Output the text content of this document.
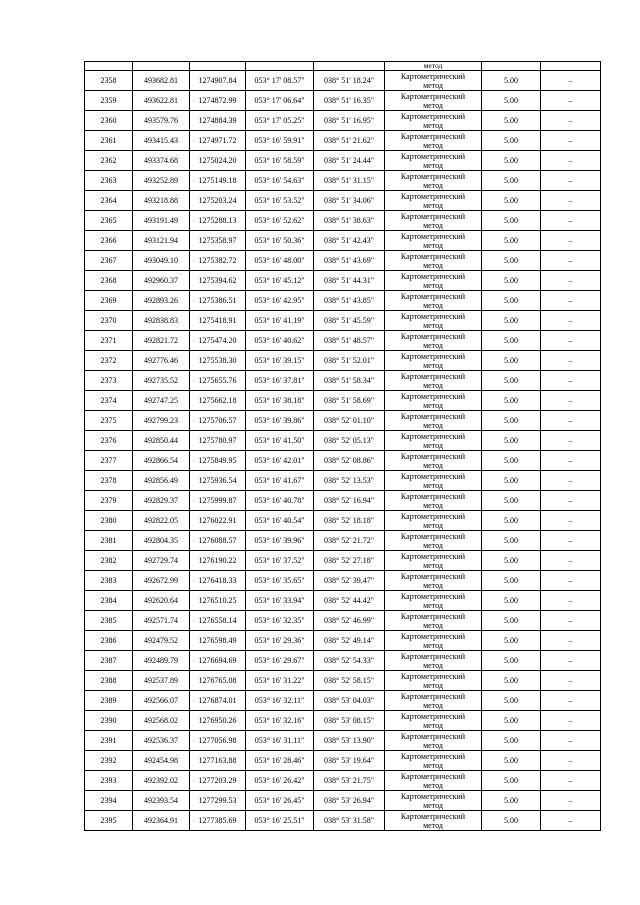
					метод		
2358	493682.81	1274907.84	053° 17' 08.57"	038° 51' 18.24"	Картометрический
метод	5.00	–
2359	493622.81	1274872.99	053° 17' 06.64"	038° 51' 16.35"	Картометрический
метод	5.00	–
2360	493579.76	1274884.39	053° 17' 05.25"	038° 51' 16.95"	Картометрический
метод	5.00	–
2361	493415.43	1274971.72	053° 16' 59.91"	038° 51' 21.62"	Картометрический
метод	5.00	–
2362	493374.68	1275024.20	053° 16' 58.59"	038° 51' 24.44"	Картометрический
метод	5.00	–
2363	493252.89	1275149.18	053° 16' 54.63"	038° 51' 31.15"	Картометрический
метод	5.00	–
2364	493218.88	1275203.24	053° 16' 53.52"	038° 51' 34.06"	Картометрический
метод	5.00	–
2365	493191.49	1275288.13	053° 16' 52.62"	038° 51' 38.63"	Картометрический
метод	5.00	–
2366	493121.94	1275358.97	053° 16' 50.36"	038° 51' 42.43"	Картометрический
метод	5.00	–
2367	493049.10	1275382.72	053° 16' 48.00"	038° 51' 43.69"	Картометрический
метод	5.00	–
2368	492960.37	1275394.62	053° 16' 45.12"	038° 51' 44.31"	Картометрический
метод	5.00	–
2369	492893.26	1275386.51	053° 16' 42.95"	038° 51' 43.85"	Картометрический
метод	5.00	–
2370	492838.83	1275418.91	053° 16' 41.19"	038° 51' 45.59"	Картометрический
метод	5.00	–
2371	492821.72	1275474.20	053° 16' 40.62"	038° 51' 48.57"	Картометрический
метод	5.00	–
2372	492776.46	1275538.30	053° 16' 39.15"	038° 51' 52.01"	Картометрический
метод	5.00	–
2373	492735.52	1275655.76	053° 16' 37.81"	038° 51' 58.34"	Картометрический
метод	5.00	–
2374	492747.25	1275662.18	053° 16' 38.18"	038° 51' 58.69"	Картометрический
метод	5.00	–
2375	492799.23	1275706.57	053° 16' 39.86"	038° 52' 01.10"	Картометрический
метод	5.00	–
2376	492850.44	1275780.97	053° 16' 41.50"	038° 52' 05.13"	Картометрический
метод	5.00	–
2377	492866.54	1275849.95	053° 16' 42.01"	038° 52' 08.86"	Картометрический
метод	5.00	–
2378	492856.49	1275936.54	053° 16' 41.67"	038° 52' 13.53"	Картометрический
метод	5.00	–
2379	492829.37	1275999.87	053° 16' 40.78"	038° 52' 16.94"	Картометрический
метод	5.00	–
2380	492822.05	1276022.91	053° 16' 40.54"	038° 52' 18.18"	Картометрический
метод	5.00	–
2381	492804.35	1276088.57	053° 16' 39.96"	038° 52' 21.72"	Картометрический
метод	5.00	–
2382	492729.74	1276190.22	053° 16' 37.52"	038° 52' 27.18"	Картометрический
метод	5.00	–
2383	492672.99	1276418.33	053° 16' 35.65"	038° 52' 39.47"	Картометрический
метод	5.00	–
2384	492620.64	1276510.25	053° 16' 33.94"	038° 52' 44.42"	Картометрический
метод	5.00	–
2385	492571.74	1276558.14	053° 16' 32.35"	038° 52' 46.99"	Картометрический
метод	5.00	–
2386	492479.52	1276598.49	053° 16' 29.36"	038° 52' 49.14"	Картометрический
метод	5.00	–
2387	492489.79	1276694.69	053° 16' 29.67"	038° 52' 54.33"	Картометрический
метод	5.00	–
2388	492537.89	1276765.08	053° 16' 31.22"	038° 52' 58.15"	Картометрический
метод	5.00	–
2389	492566.07	1276874.01	053° 16' 32.11"	038° 53' 04.03"	Картометрический
метод	5.00	–
2390	492568.02	1276950.26	053° 16' 32.16"	038° 53' 08.15"	Картометрический
метод	5.00	–
2391	492536.37	1277056.98	053° 16' 31.11"	038° 53' 13.90"	Картометрический
метод	5.00	–
2392	492454.98	1277163.88	053° 16' 28.46"	038° 53' 19.64"	Картометрический
метод	5.00	–
2393	492392.02	1277203.29	053° 16' 26.42"	038° 53' 21.75"	Картометрический
метод	5.00	–
2394	492393.54	1277299.53	053° 16' 26.45"	038° 53' 26.94"	Картометрический
метод	5.00	–
2395	492364.91	1277385.69	053° 16' 25.51"	038° 53' 31.58"	Картометрический
метод	5.00	–
